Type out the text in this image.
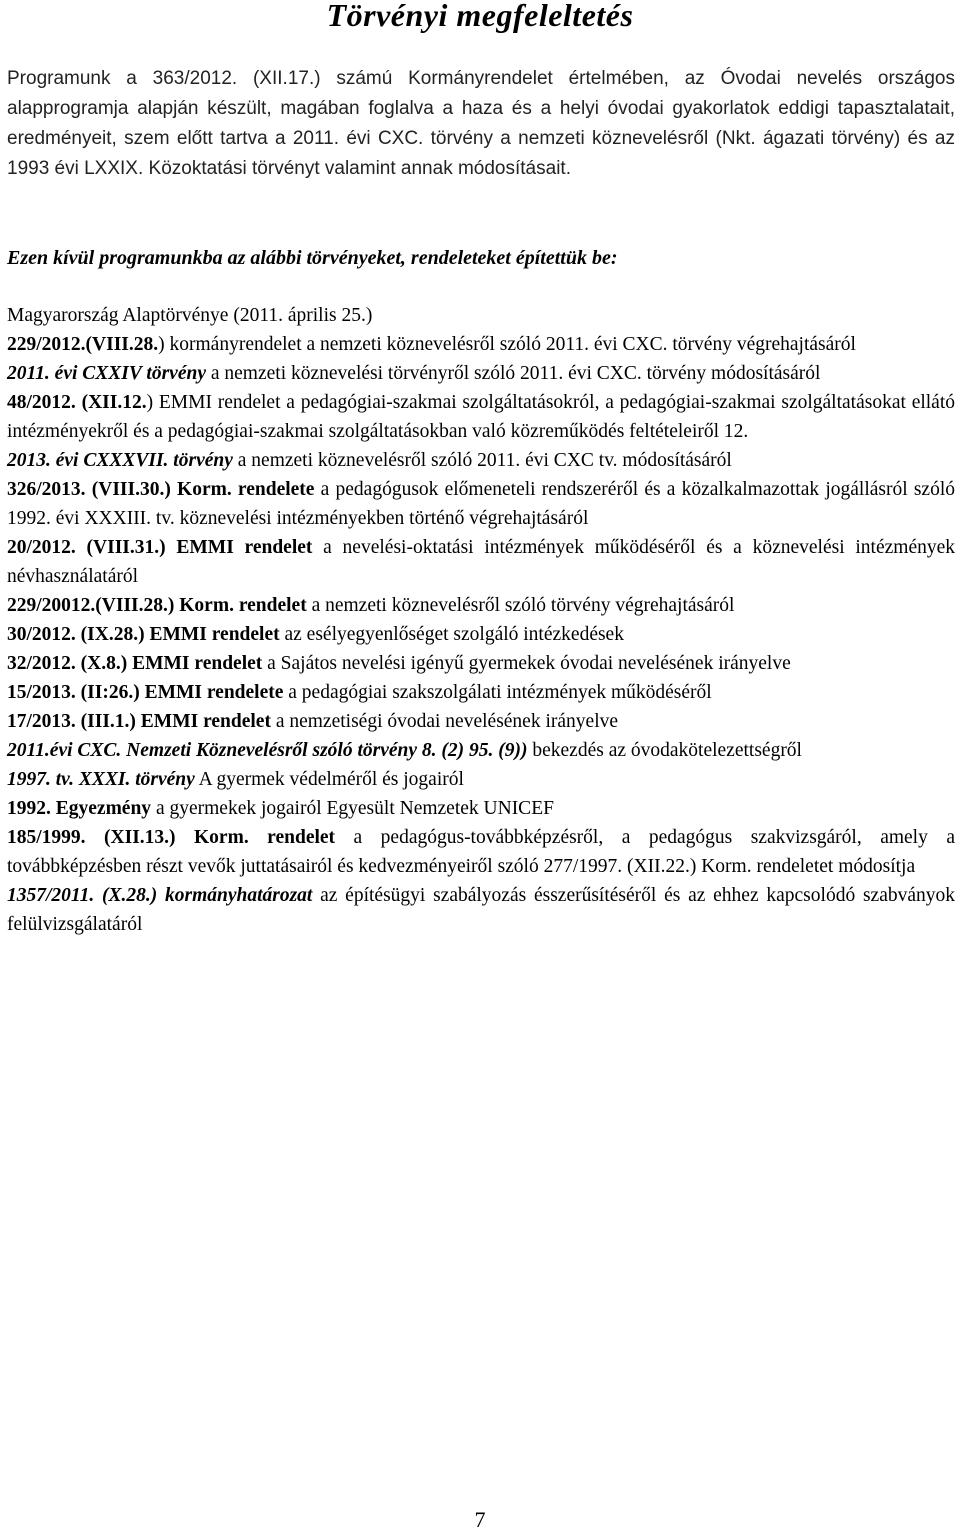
Törvényi megfeleltetés
Programunk a 363/2012. (XII.17.) számú Kormányrendelet értelmében, az Óvodai nevelés országos alapprogramja alapján készült, magában foglalva a haza és a helyi óvodai gyakorlatok eddigi tapasztalatait, eredményeit, szem előtt tartva a 2011. évi CXC. törvény a nemzeti köznevelésről (Nkt. ágazati törvény) és az 1993 évi LXXIX. Közoktatási törvényt valamint annak módosításait.
Ezen kívül programunkba az alábbi törvényeket, rendeleteket építettük be:
Magyarország Alaptörvénye (2011. április 25.)
229/2012.(VIII.28.) kormányrendelet a nemzeti köznevelésről szóló 2011. évi CXC. törvény végrehajtásáról
2011. évi CXXIV törvény a nemzeti köznevelési törvényről szóló 2011. évi CXC. törvény módosításáról
48/2012. (XII.12.) EMMI rendelet a pedagógiai-szakmai szolgáltatásokról, a pedagógiai-szakmai szolgáltatásokat ellátó intézményekről és a pedagógiai-szakmai szolgáltatásokban való közreműködés feltételeiről 12.
2013. évi CXXXVII. törvény a nemzeti köznevelésről szóló 2011. évi CXC tv. módosításáról
326/2013. (VIII.30.) Korm. rendelete a pedagógusok előmeneteli rendszeréről és a közalkalmazottak jogállásról szóló 1992. évi XXXIII. tv. köznevelési intézményekben történő végrehajtásáról
20/2012. (VIII.31.) EMMI rendelet a nevelési-oktatási intézmények működéséről és a köznevelési intézmények névhasználatáról
229/20012.(VIII.28.) Korm. rendelet a nemzeti köznevelésről szóló törvény végrehajtásáról
30/2012. (IX.28.) EMMI rendelet az esélyegyenlőséget szolgáló intézkedések
32/2012. (X.8.) EMMI rendelet a Sajátos nevelési igényű gyermekek óvodai nevelésének irányelve
15/2013. (II:26.) EMMI rendelete a pedagógiai szakszolgálati intézmények működéséről
17/2013. (III.1.) EMMI rendelet a nemzetiségi óvodai nevelésének irányelve
2011.évi CXC. Nemzeti Köznevelésről szóló törvény 8. (2) 95. (9)) bekezdés az óvodakötelezettségről
1997. tv. XXXI. törvény A gyermek védelméről és jogairól
1992. Egyezmény a gyermekek jogairól Egyesült Nemzetek UNICEF
185/1999. (XII.13.) Korm. rendelet a pedagógus-továbbképzésről, a pedagógus szakvizsgáról, amely a továbbképzésben részt vevők juttatásairól és kedvezményeiről szóló 277/1997. (XII.22.) Korm. rendeletet módosítja
1357/2011. (X.28.) kormányhatározat az építésügyi szabályozás ésszerűsítéséről és az ehhez kapcsolódó szabványok felülvizsgálatáról
7
